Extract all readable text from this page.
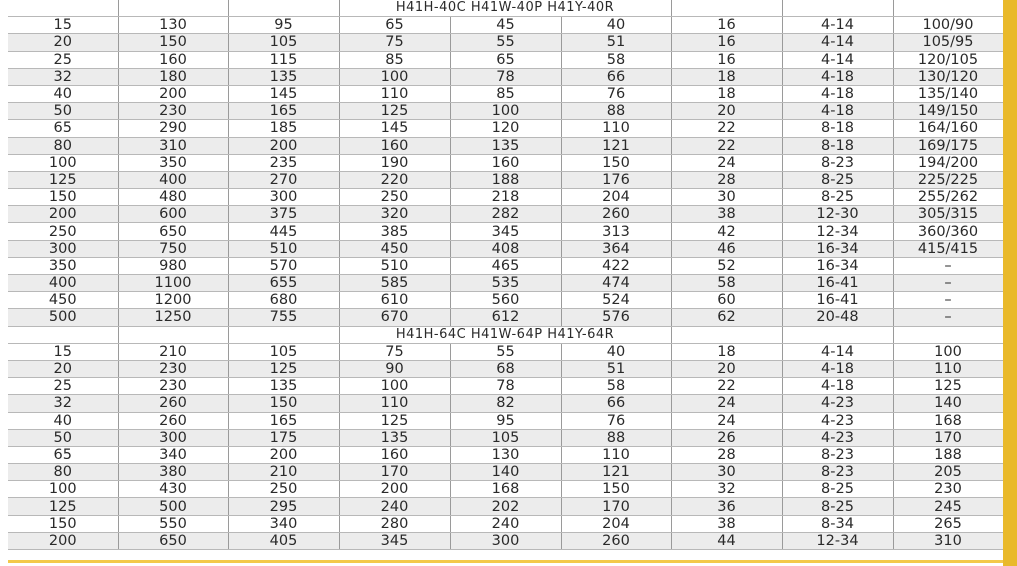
			H41H-40C H41W-40P H41Y-40R					
15	130	95	65	45	40	16	4-14	100/90
20	150	105	75	55	51	16	4-14	105/95
25	160	115	85	65	58	16	4-14	120/105
32	180	135	100	78	66	18	4-18	130/120
40	200	145	110	85	76	18	4-18	135/140
50	230	165	125	100	88	20	4-18	149/150
65	290	185	145	120	110	22	8-18	164/160
80	310	200	160	135	121	22	8-18	169/175
100	350	235	190	160	150	24	8-23	194/200
125	400	270	220	188	176	28	8-25	225/225
150	480	300	250	218	204	30	8-25	255/262
200	600	375	320	282	260	38	12-30	305/315
250	650	445	385	345	313	42	12-34	360/360
300	750	510	450	408	364	46	16-34	415/415
350	980	570	510	465	422	52	16-34	–
400	1100	655	585	535	474	58	16-41	–
450	1200	680	610	560	524	60	16-41	–
500	1250	755	670	612	576	62	20-48	–
			H41H-64C H41W-64P H41Y-64R					
15	210	105	75	55	40	18	4-14	100
20	230	125	90	68	51	20	4-18	110
25	230	135	100	78	58	22	4-18	125
32	260	150	110	82	66	24	4-23	140
40	260	165	125	95	76	24	4-23	168
50	300	175	135	105	88	26	4-23	170
65	340	200	160	130	110	28	8-23	188
80	380	210	170	140	121	30	8-23	205
100	430	250	200	168	150	32	8-25	230
125	500	295	240	202	170	36	8-25	245
150	550	340	280	240	204	38	8-34	265
200	650	405	345	300	260	44	12-34	310
